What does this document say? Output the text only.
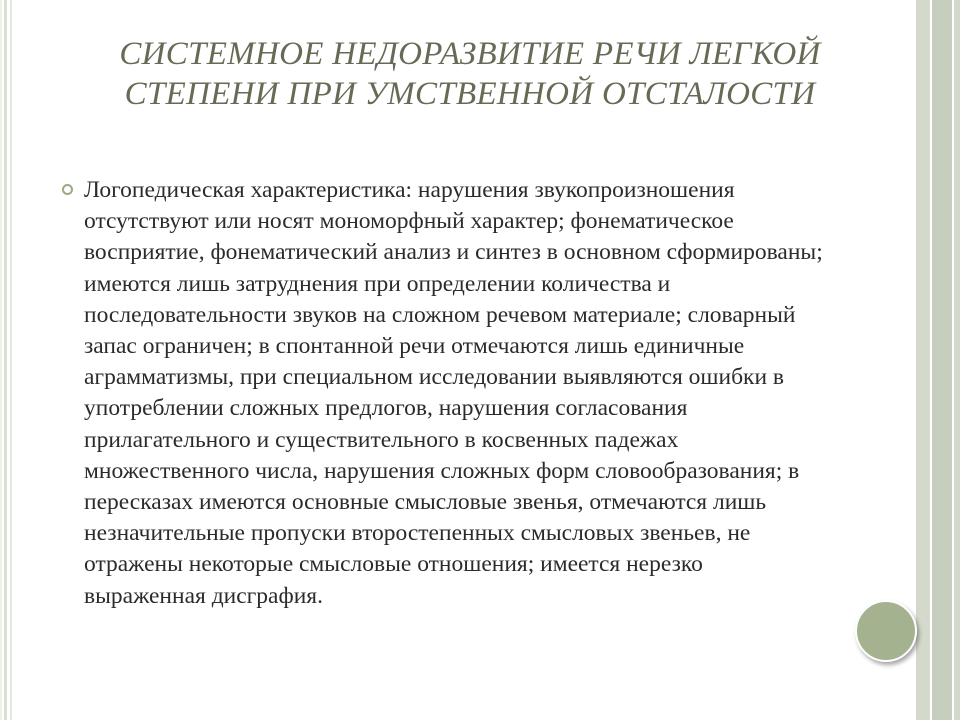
СИСТЕМНОЕ НЕДОРАЗВИТИЕ РЕЧИ ЛЕГКОЙ
СТЕПЕНИ ПРИ УМСТВЕННОЙ ОТСТАЛОСТИ

Логопедическая характеристика: нарушения звукопроизношения отсутствуют или носят мономорфный характер; фонематическое восприятие, фонематический анализ и синтез в основном сформированы; имеются лишь затруднения при определении количества и последовательности звуков на сложном речевом материале; словарный запас ограничен; в спонтанной речи отмечаются лишь единичные аграмматизмы, при специальном исследовании выявляются ошибки в употреблении сложных предлогов, нарушения согласования прилагательного и существительного в косвенных падежах множественного числа, нарушения сложных форм словообразования; в пересказах имеются основные смысловые звенья, отмечаются лишь незначительные пропуски второстепенных смысловых звеньев, не отражены некоторые смысловые отношения; имеется нерезко выраженная дисграфия.
